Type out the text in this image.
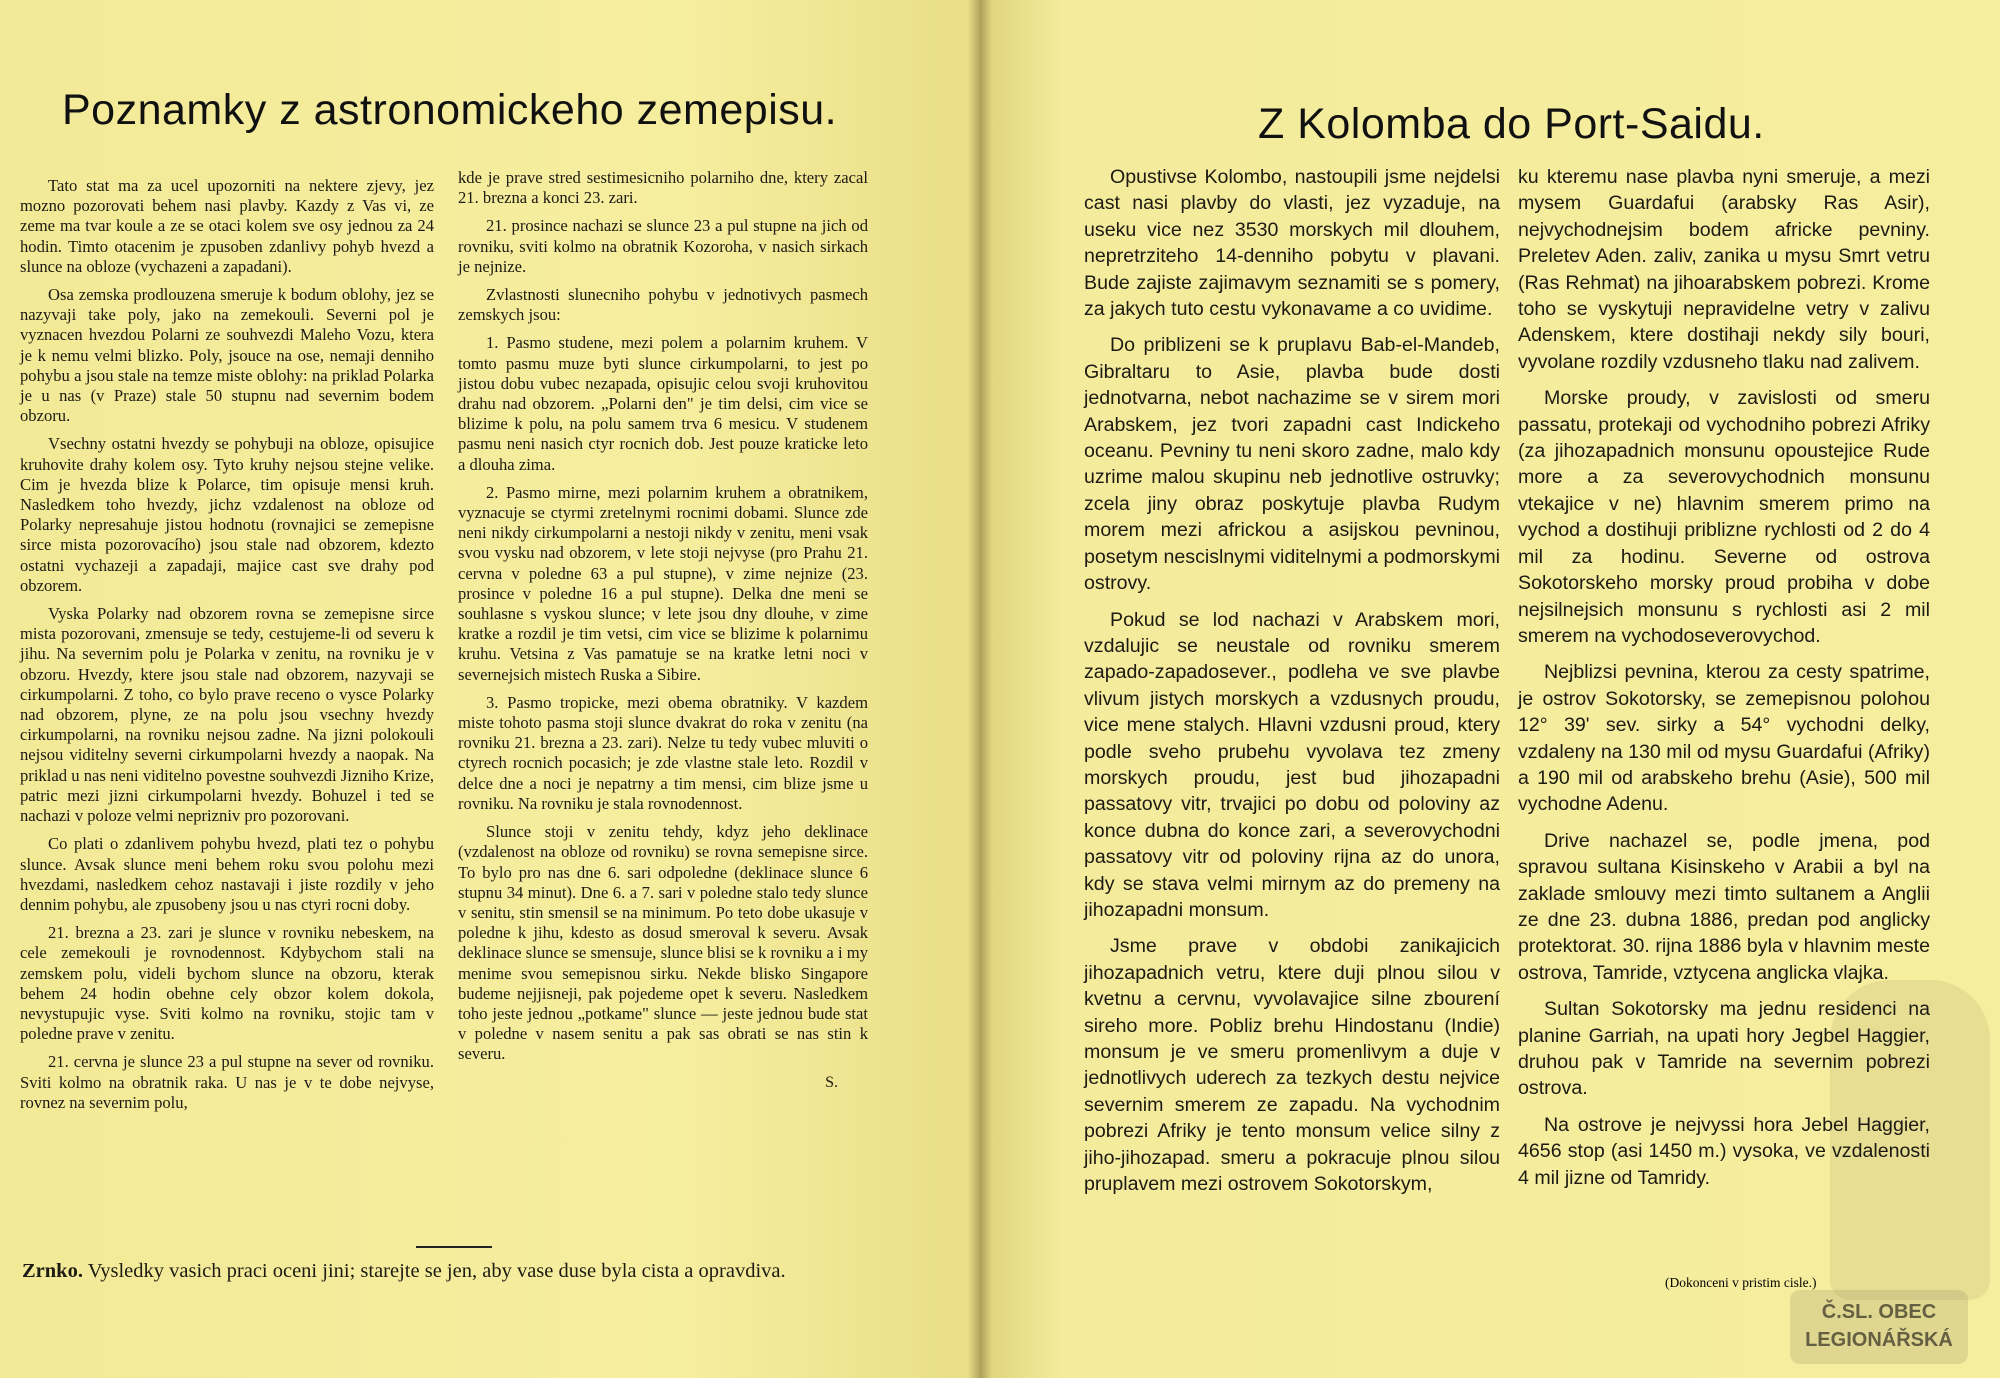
Poznamky z astronomickeho zemepisu.

Tato stat ma za ucel upozorniti na nektere zjevy, jez mozno pozorovati behem nasi plavby. Kazdy z Vas vi, ze zeme ma tvar koule a ze se otaci kolem sve osy jednou za 24 hodin. Timto otacenim je zpusoben zdanlivy pohyb hvezd a slunce na obloze (vychazeni a zapadani).

Osa zemska prodlouzena smeruje k bodum oblohy, jez se nazyvaji take poly, jako na zemekouli. Severni pol je vyznacen hvezdou Polarni ze souhvezdi Maleho Vozu, ktera je k nemu velmi blizko. Poly, jsouce na ose, nemaji denniho pohybu a jsou stale na temze miste oblohy: na priklad Polarka je u nas (v Praze) stale 50 stupnu nad severnim bodem obzoru.

Vsechny ostatni hvezdy se pohybuji na obloze, opisujice kruhovite drahy kolem osy. Tyto kruhy nejsou stejne velike. Cim je hvezda blize k Polarce, tim opisuje mensi kruh. Nasledkem toho hvezdy, jichz vzdalenost na obloze od Polarky nepresahuje jistou hodnotu (rovnajici se zemepisne sirce mista pozorovacího) jsou stale nad obzorem, kdezto ostatni vychazeji a zapadaji, majice cast sve drahy pod obzorem.

Vyska Polarky nad obzorem rovna se zemepisne sirce mista pozorovani, zmensuje se tedy, cestujeme-li od severu k jihu. Na severnim polu je Polarka v zenitu, na rovniku je v obzoru. Hvezdy, ktere jsou stale nad obzorem, nazyvaji se cirkumpolarni. Z toho, co bylo prave receno o vysce Polarky nad obzorem, plyne, ze na polu jsou vsechny hvezdy cirkumpolarni, na rovniku nejsou zadne. Na jizni polokouli nejsou viditelny severni cirkumpolarni hvezdy a naopak. Na priklad u nas neni viditelno povestne souhvezdi Jizniho Krize, patric mezi jizni cirkumpolarni hvezdy. Bohuzel i ted se nachazi v poloze velmi neprizniv pro pozorovani.

Co plati o zdanlivem pohybu hvezd, plati tez o pohybu slunce. Avsak slunce meni behem roku svou polohu mezi hvezdami, nasledkem cehoz nastavaji i jiste rozdily v jeho dennim pohybu, ale zpusobeny jsou u nas ctyri rocni doby.

21. brezna a 23. zari je slunce v rovniku nebeskem, na cele zemekouli je rovnodennost. Kdybychom stali na zemskem polu, videli bychom slunce na obzoru, kterak behem 24 hodin obehne cely obzor kolem dokola, nevystupujic vyse. Sviti kolmo na rovniku, stojic tam v poledne prave v zenitu.

21. cervna je slunce 23 a pul stupne na sever od rovniku. Sviti kolmo na obratnik raka. U nas je v te dobe nejvyse, rovnez na severnim polu,

kde je prave stred sestimesicniho polarniho dne, ktery zacal 21. brezna a konci 23. zari.

21. prosince nachazi se slunce 23 a pul stupne na jich od rovniku, sviti kolmo na obratnik Kozoroha, v nasich sirkach je nejnize.

Zvlastnosti slunecniho pohybu v jednotivych pasmech zemskych jsou:

1. Pasmo studene, mezi polem a polarnim kruhem. V tomto pasmu muze byti slunce cirkumpolarni, to jest po jistou dobu vubec nezapada, opisujic celou svoji kruhovitou drahu nad obzorem. „Polarni den" je tim delsi, cim vice se blizime k polu, na polu samem trva 6 mesicu. V studenem pasmu neni nasich ctyr rocnich dob. Jest pouze kraticke leto a dlouha zima.

2. Pasmo mirne, mezi polarnim kruhem a obratnikem, vyznacuje se ctyrmi zretelnymi rocnimi dobami. Slunce zde neni nikdy cirkumpolarni a nestoji nikdy v zenitu, meni vsak svou vysku nad obzorem, v lete stoji nejvyse (pro Prahu 21. cervna v poledne 63 a pul stupne), v zime nejnize (23. prosince v poledne 16 a pul stupne). Delka dne meni se souhlasne s vyskou slunce; v lete jsou dny dlouhe, v zime kratke a rozdil je tim vetsi, cim vice se blizime k polarnimu kruhu. Vetsina z Vas pamatuje se na kratke letni noci v severnejsich mistech Ruska a Sibire.

3. Pasmo tropicke, mezi obema obratniky. V kazdem miste tohoto pasma stoji slunce dvakrat do roka v zenitu (na rovniku 21. brezna a 23. zari). Nelze tu tedy vubec mluviti o ctyrech rocnich pocasich; je zde vlastne stale leto. Rozdil v delce dne a noci je nepatrny a tim mensi, cim blize jsme u rovniku. Na rovniku je stala rovnodennost.

Slunce stoji v zenitu tehdy, kdyz jeho deklinace (vzdalenost na obloze od rovniku) se rovna semepisne sirce. To bylo pro nas dne 6. sari odpoledne (deklinace slunce 6 stupnu 34 minut). Dne 6. a 7. sari v poledne stalo tedy slunce v senitu, stin smensil se na minimum. Po teto dobe ukasuje v poledne k jihu, kdesto as dosud smeroval k severu. Avsak deklinace slunce se smensuje, slunce blisi se k rovniku a i my menime svou semepisnou sirku. Nekde blisko Singapore budeme nejjisneji, pak pojedeme opet k severu. Nasledkem toho jeste jednou „potkame" slunce — jeste jednou bude stat v poledne v nasem senitu a pak sas obrati se nas stin k severu.

S.
Zrnko. Vysledky vasich praci oceni jini; starejte se jen, aby vase duse byla cista a opravdiva.
Z Kolomba do Port-Saidu.

Opustivse Kolombo, nastoupili jsme nejdelsi cast nasi plavby do vlasti, jez vyzaduje, na useku vice nez 3530 morskych mil dlouhem, nepretrziteho 14-denniho pobytu v plavani. Bude zajiste zajimavym seznamiti se s pomery, za jakych tuto cestu vykonavame a co uvidime.

Do priblizeni se k pruplavu Bab-el-Mandeb, Gibraltaru to Asie, plavba bude dosti jednotvarna, nebot nachazime se v sirem mori Arabskem, jez tvori zapadni cast Indickeho oceanu. Pevniny tu neni skoro zadne, malo kdy uzrime malou skupinu neb jednotlive ostruvky; zcela jiny obraz poskytuje plavba Rudym morem mezi africkou a asijskou pevninou, posetym nescislnymi viditelnymi a podmorskymi ostrovy.

Pokud se lod nachazi v Arabskem mori, vzdalujic se neustale od rovniku smerem zapado-zapadosever., podleha ve sve plavbe vlivum jistych morskych a vzdusnych proudu, vice mene stalych. Hlavni vzdusni proud, ktery podle sveho prubehu vyvolava tez zmeny morskych proudu, jest bud jihozapadni passatovy vitr, trvajici po dobu od poloviny az konce dubna do konce zari, a severovychodni passatovy vitr od poloviny rijna az do unora, kdy se stava velmi mirnym az do premeny na jihozapadni monsum.

Jsme prave v obdobi zanikajicich jihozapadnich vetru, ktere duji plnou silou v kvetnu a cervnu, vyvolavajice silne zbourení sireho more. Pobliz brehu Hindostanu (Indie) monsum je ve smeru promenlivym a duje v jednotlivych uderech za tezkych destu nejvice severnim smerem ze zapadu. Na vychodnim pobrezi Afriky je tento monsum velice silny z jiho-jihozapad. smeru a pokracuje plnou silou pruplavem mezi ostrovem Sokotorskym,

ku kteremu nase plavba nyni smeruje, a mezi mysem Guardafui (arabsky Ras Asir), nejvychodnejsim bodem africke pevniny. Preletev Aden. zaliv, zanika u mysu Smrt vetru (Ras Rehmat) na jihoarabskem pobrezi. Krome toho se vyskytuji nepravidelne vetry v zalivu Adenskem, ktere dostihaji nekdy sily bouri, vyvolane rozdily vzdusneho tlaku nad zalivem.

Morske proudy, v zavislosti od smeru passatu, protekaji od vychodniho pobrezi Afriky (za jihozapadnich monsunu opoustejice Rude more a za severovychodnich monsunu vtekajice v ne) hlavnim smerem primo na vychod a dostihuji priblizne rychlosti od 2 do 4 mil za hodinu. Severne od ostrova Sokotorskeho morsky proud probiha v dobe nejsilnejsich monsunu s rychlosti asi 2 mil smerem na vychodoseverovychod.

Nejblizsi pevnina, kterou za cesty spatrime, je ostrov Sokotorsky, se zemepisnou polohou 12° 39' sev. sirky a 54° vychodni delky, vzdaleny na 130 mil od mysu Guardafui (Afriky) a 190 mil od arabskeho brehu (Asie), 500 mil vychodne Adenu.

Drive nachazel se, podle jmena, pod spravou sultana Kisinskeho v Arabii a byl na zaklade smlouvy mezi timto sultanem a Anglii ze dne 23. dubna 1886, predan pod anglicky protektorat. 30. rijna 1886 byla v hlavnim meste ostrova, Tamride, vztycena anglicka vlajka.

Sultan Sokotorsky ma jednu residenci na planine Garriah, na upati hory Jegbel Haggier, druhou pak v Tamride na severnim pobrezi ostrova.

Na ostrove je nejvyssi hora Jebel Haggier, 4656 stop (asi 1450 m.) vysoka, ve vzdalenosti 4 mil jizne od Tamridy.

(Dokonceni v pristim cisle.)
Č.SL. OBEC
LEGIONÁŘSKÁ
